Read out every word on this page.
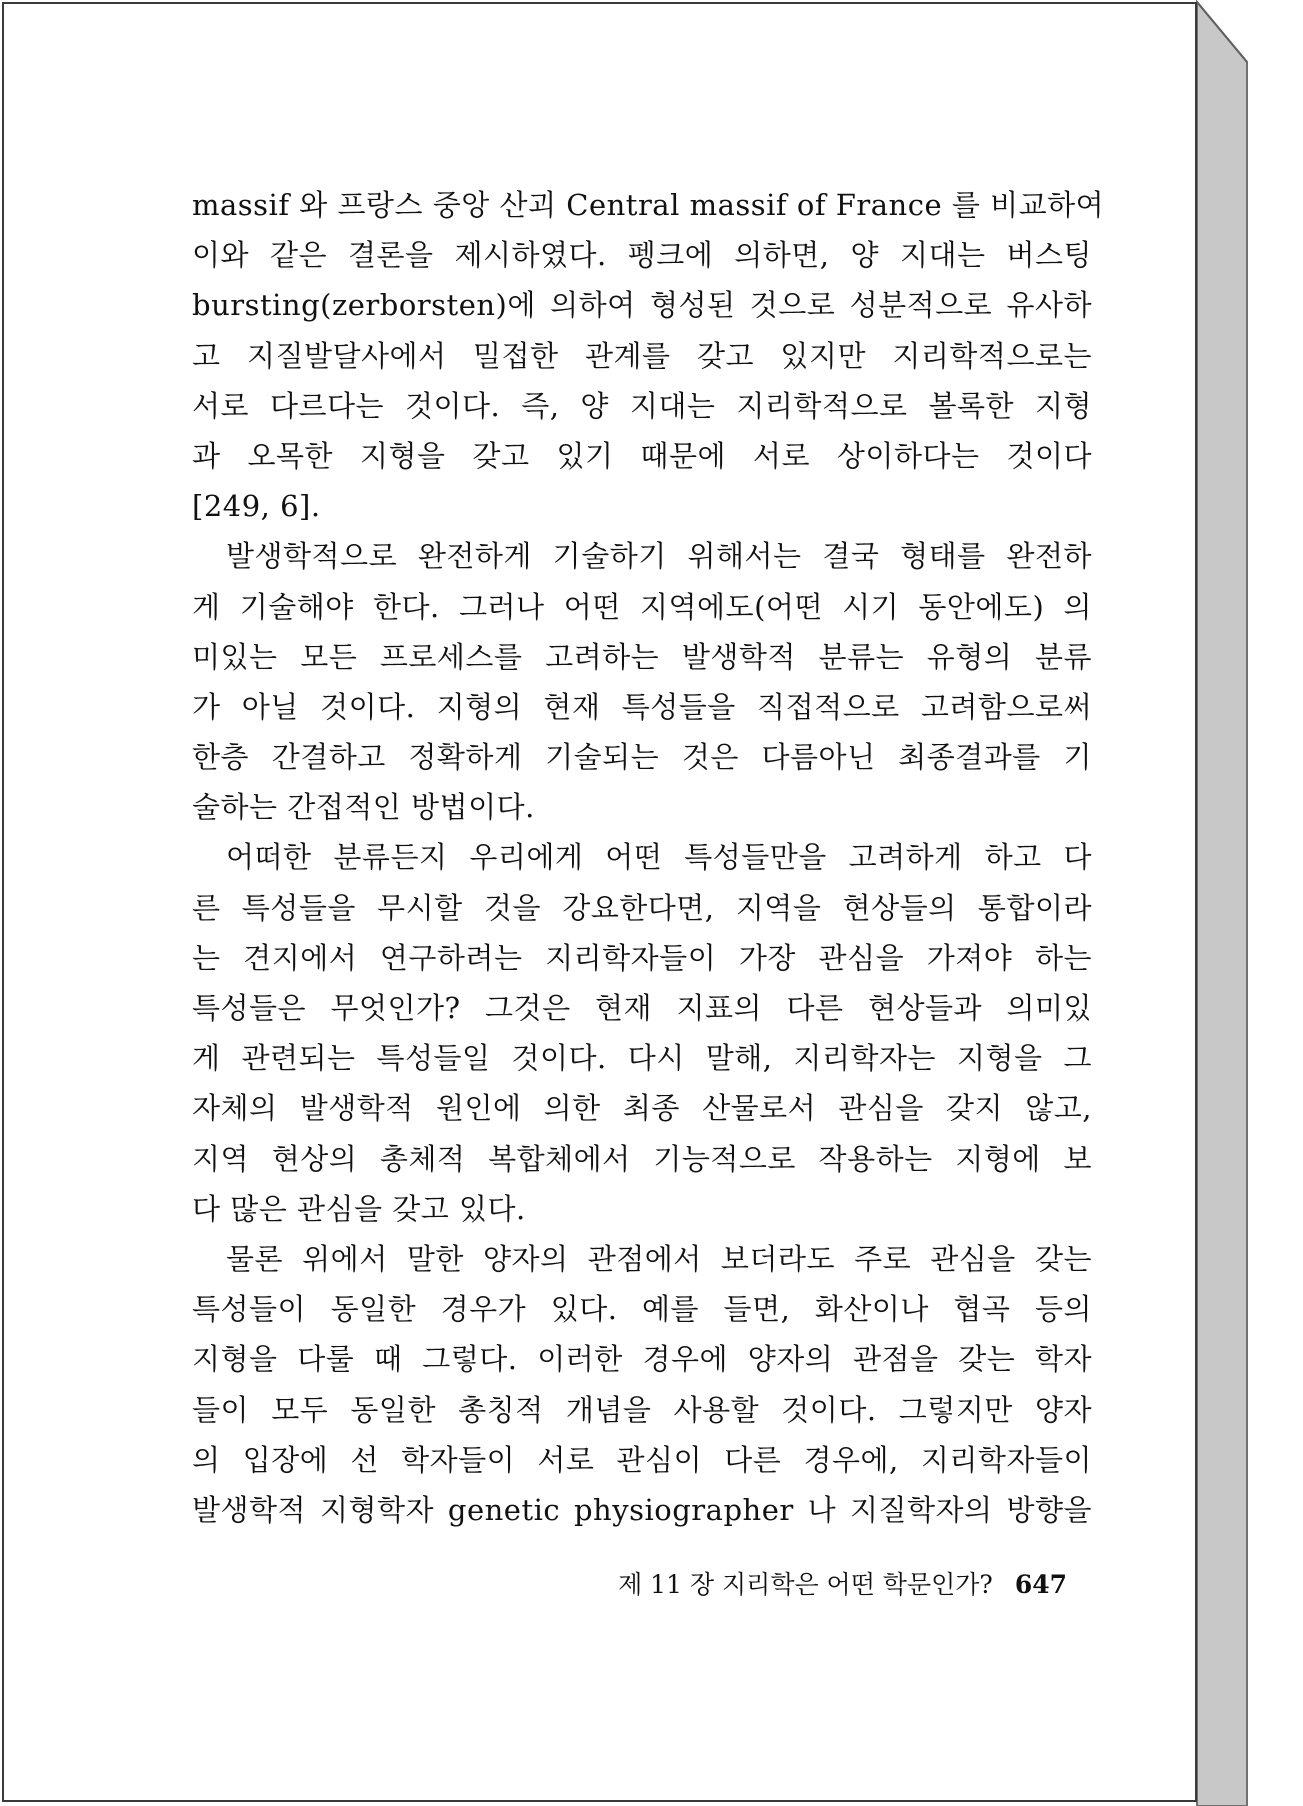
massif 와 프랑스 중앙 산괴 Central massif of France 를 비교하여
이와 같은 결론을 제시하였다. 펭크에 의하면, 양 지대는 버스팅
bursting(zerborsten)에 의하여 형성된 것으로 성분적으로 유사하
고 지질발달사에서 밀접한 관계를 갖고 있지만 지리학적으로는
서로 다르다는 것이다. 즉, 양 지대는 지리학적으로 볼록한 지형
과 오목한 지형을 갖고 있기 때문에 서로 상이하다는 것이다
[249, 6].
발생학적으로 완전하게 기술하기 위해서는 결국 형태를 완전하
게 기술해야 한다. 그러나 어떤 지역에도(어떤 시기 동안에도) 의
미있는 모든 프로세스를 고려하는 발생학적 분류는 유형의 분류
가 아닐 것이다. 지형의 현재 특성들을 직접적으로 고려함으로써
한층 간결하고 정확하게 기술되는 것은 다름아닌 최종결과를 기
술하는 간접적인 방법이다.
어떠한 분류든지 우리에게 어떤 특성들만을 고려하게 하고 다
른 특성들을 무시할 것을 강요한다면, 지역을 현상들의 통합이라
는 견지에서 연구하려는 지리학자들이 가장 관심을 가져야 하는
특성들은 무엇인가? 그것은 현재 지표의 다른 현상들과 의미있
게 관련되는 특성들일 것이다. 다시 말해, 지리학자는 지형을 그
자체의 발생학적 원인에 의한 최종 산물로서 관심을 갖지 않고,
지역 현상의 총체적 복합체에서 기능적으로 작용하는 지형에 보
다 많은 관심을 갖고 있다.
물론 위에서 말한 양자의 관점에서 보더라도 주로 관심을 갖는
특성들이 동일한 경우가 있다. 예를 들면, 화산이나 협곡 등의
지형을 다룰 때 그렇다. 이러한 경우에 양자의 관점을 갖는 학자
들이 모두 동일한 총칭적 개념을 사용할 것이다. 그렇지만 양자
의 입장에 선 학자들이 서로 관심이 다른 경우에, 지리학자들이
발생학적 지형학자 genetic physiographer 나 지질학자의 방향을
제 11 장 지리학은 어떤 학문인가? 647
